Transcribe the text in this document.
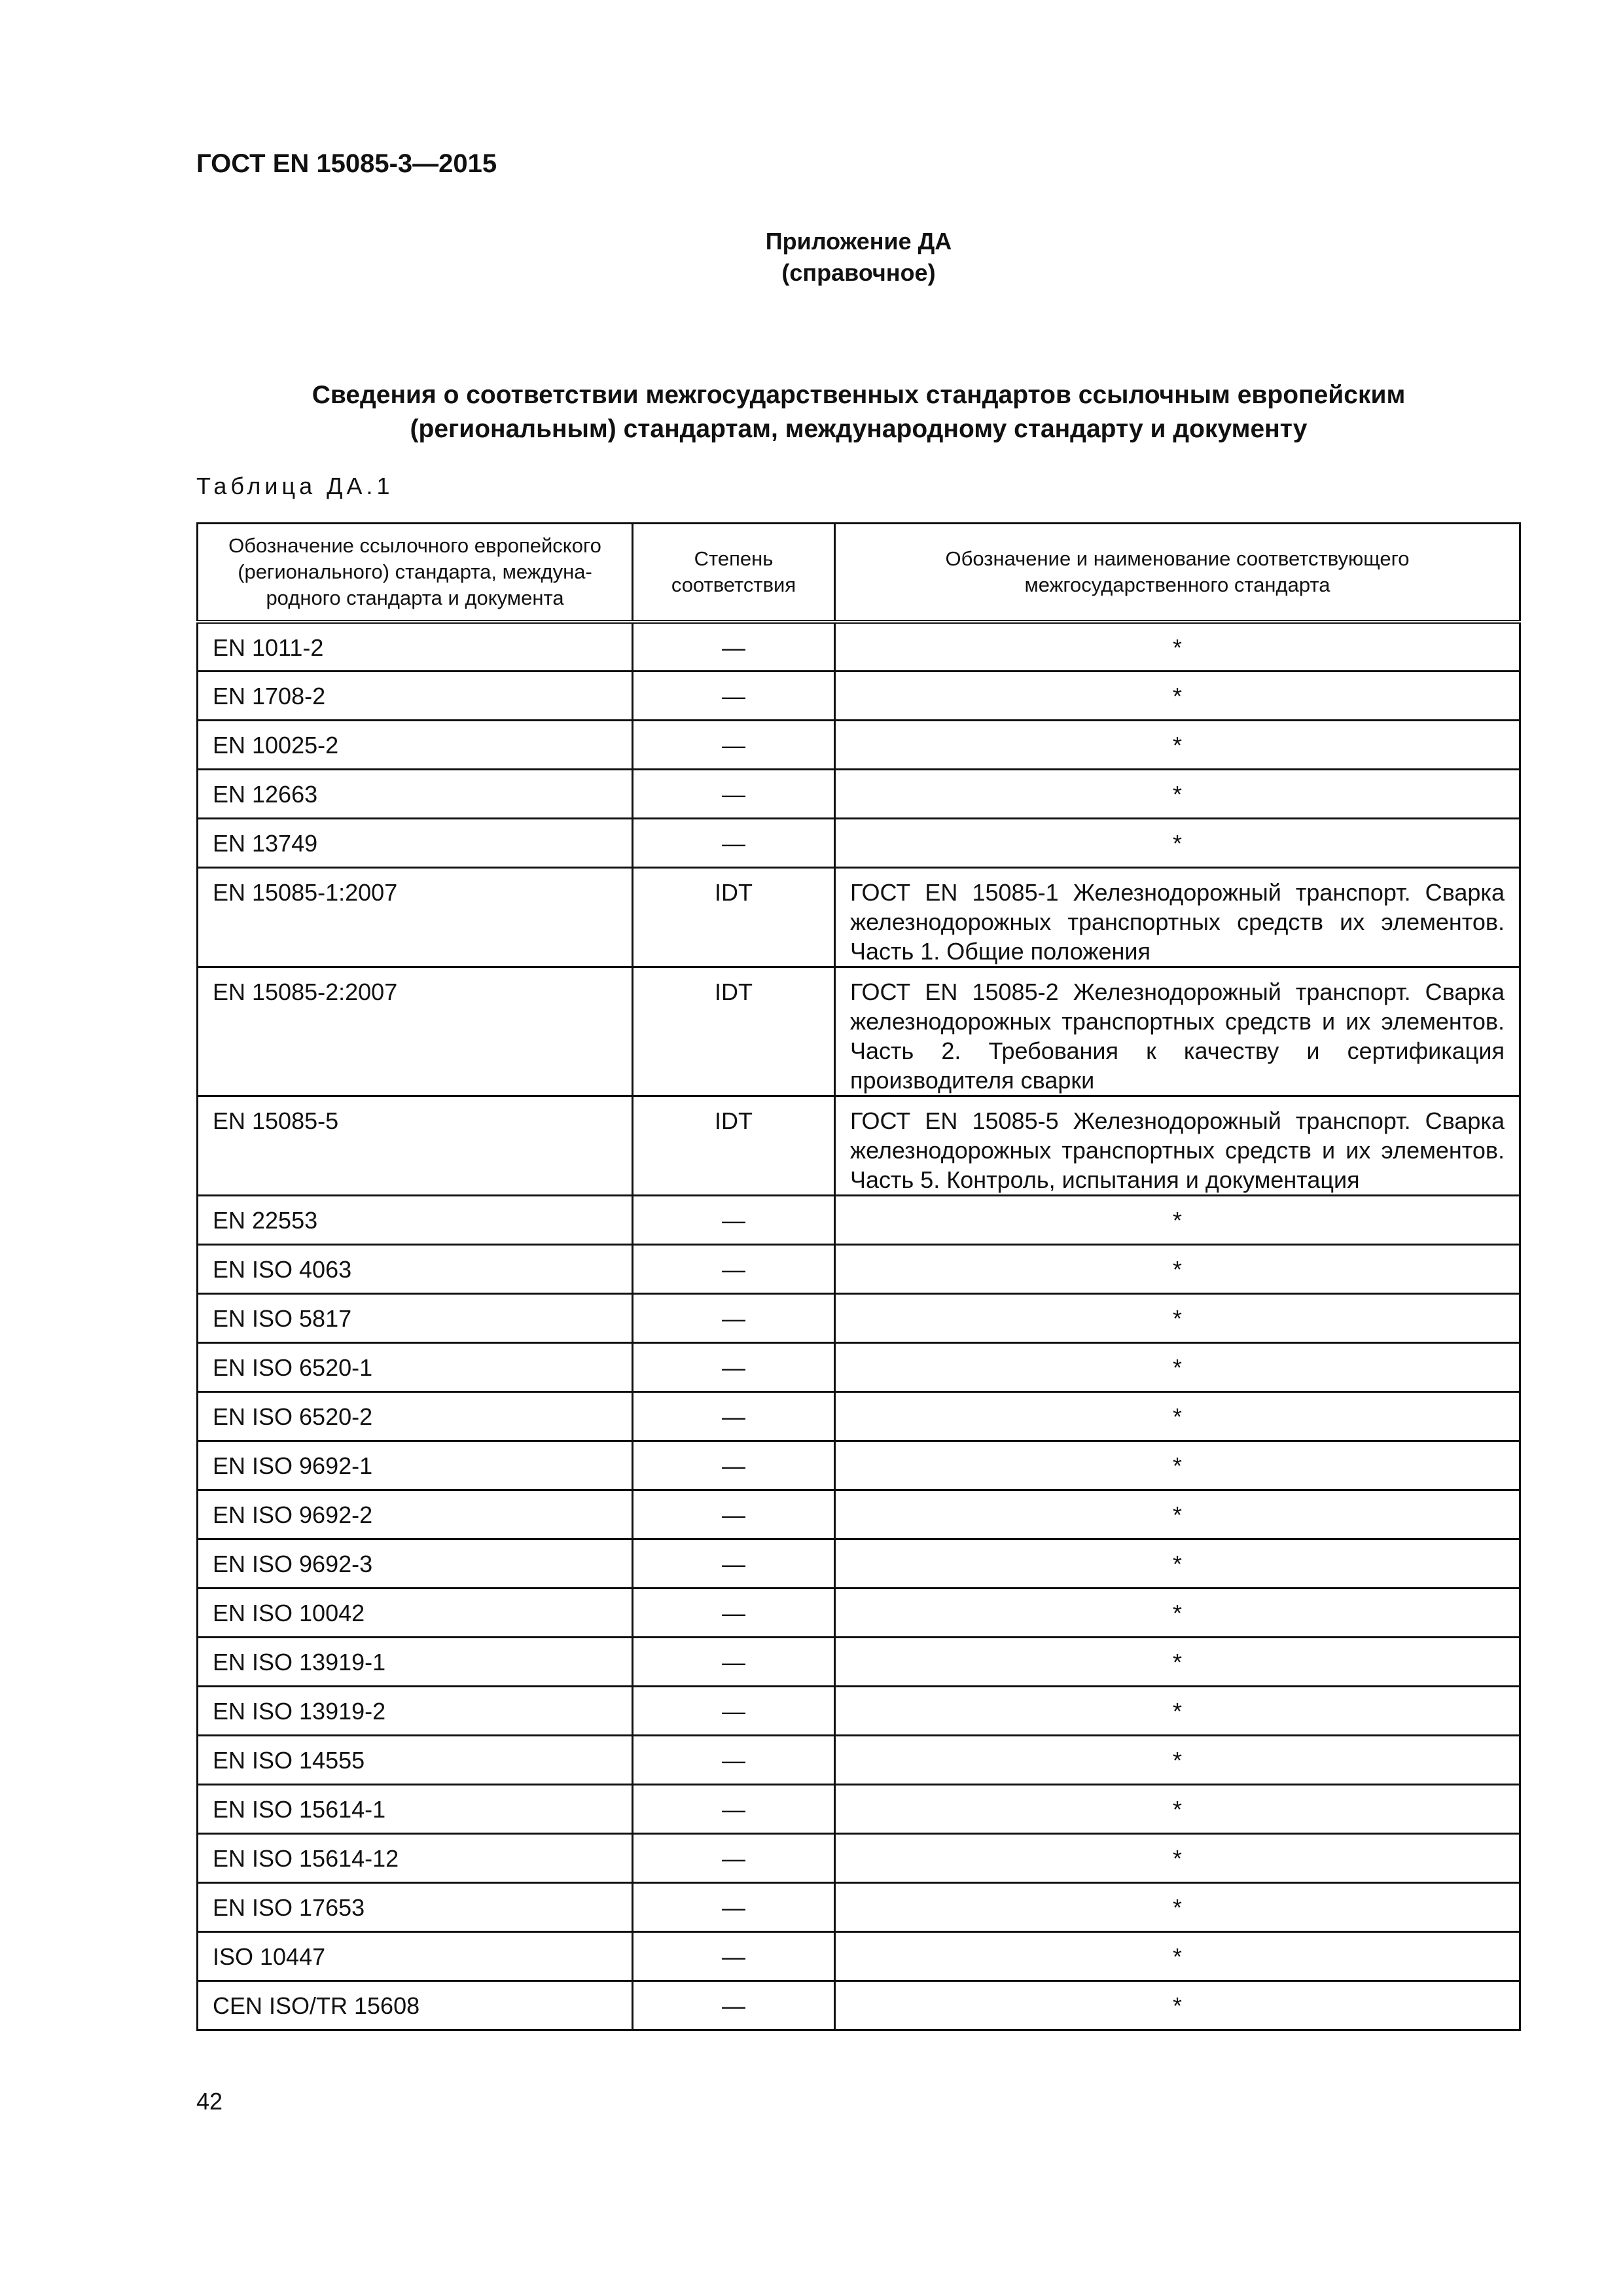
ГОСТ EN 15085-3—2015
Приложение ДА
(справочное)
Сведения о соответствии межгосударственных стандартов ссылочным европейским
(региональным) стандартам, международному стандарту и документу
Таблица ДА.1
Обозначение ссылочного европейского (регионального) стандарта, междуна-родного стандарта и документа	Степень соответствия	Обозначение и наименование соответствующего межгосударственного стандарта
EN 1011-2	—	*
EN 1708-2	—	*
EN 10025-2	—	*
EN 12663	—	*
EN 13749	—	*
EN 15085-1:2007	IDT	ГОСТ EN 15085-1 Железнодорожный транспорт. Сварка железнодорожных транспортных средств их элементов. Часть 1. Общие положения
EN 15085-2:2007	IDT	ГОСТ EN 15085-2 Железнодорожный транспорт. Сварка железнодорожных транспортных средств и их элементов. Часть 2. Требования к качеству и сертификация производителя сварки
EN 15085-5	IDT	ГОСТ EN 15085-5 Железнодорожный транспорт. Сварка железнодорожных транспортных средств и их элементов. Часть 5. Контроль, испытания и документация
EN 22553	—	*
EN ISO 4063	—	*
EN ISO 5817	—	*
EN ISO 6520-1	—	*
EN ISO 6520-2	—	*
EN ISO 9692-1	—	*
EN ISO 9692-2	—	*
EN ISO 9692-3	—	*
EN ISO 10042	—	*
EN ISO 13919-1	—	*
EN ISO 13919-2	—	*
EN ISO 14555	—	*
EN ISO 15614-1	—	*
EN ISO 15614-12	—	*
EN ISO 17653	—	*
ISO 10447	—	*
CEN ISO/TR 15608	—	*
42
